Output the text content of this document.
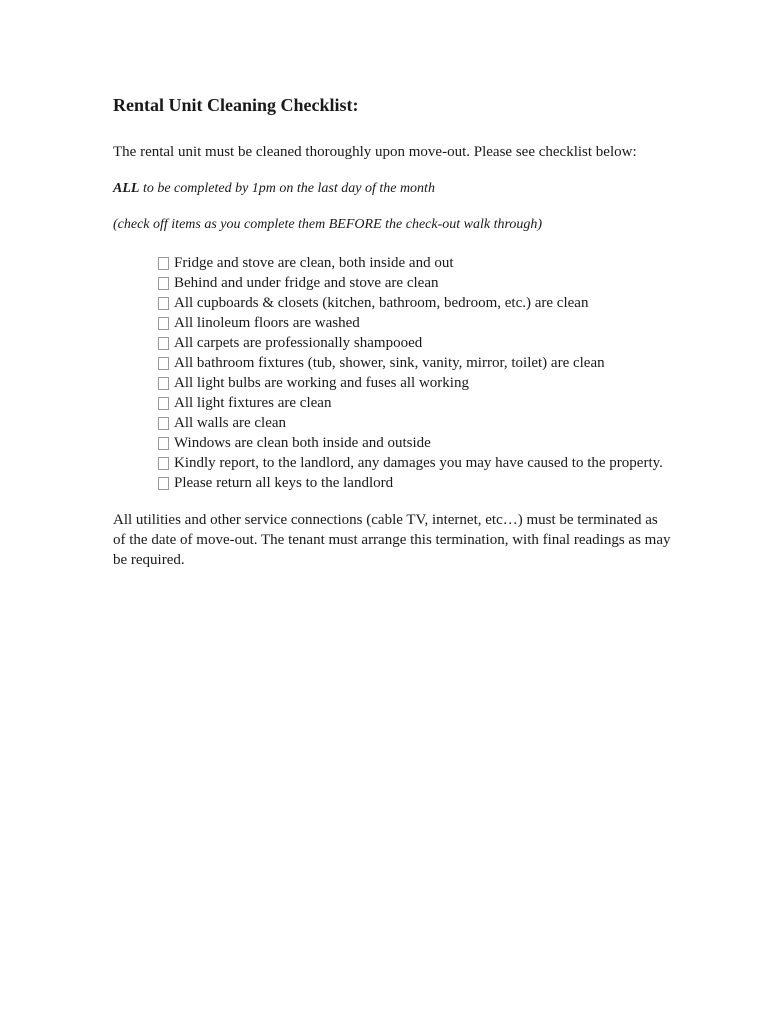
Rental Unit Cleaning Checklist:

The rental unit must be cleaned thoroughly upon move-out. Please see checklist below:

ALL to be completed by 1pm on the last day of the month

(check off items as you complete them BEFORE the check-out walk through)

Fridge and stove are clean, both inside and out
Behind and under fridge and stove are clean
All cupboards & closets (kitchen, bathroom, bedroom, etc.) are clean
All linoleum floors are washed
All carpets are professionally shampooed
All bathroom fixtures (tub, shower, sink, vanity, mirror, toilet) are clean
All light bulbs are working and fuses all working
All light fixtures are clean
All walls are clean
Windows are clean both inside and outside
Kindly report, to the landlord, any damages you may have caused to the property.
Please return all keys to the landlord

All utilities and other service connections (cable TV, internet, etc…) must be terminated as of the date of move-out. The tenant must arrange this termination, with final readings as may be required.
